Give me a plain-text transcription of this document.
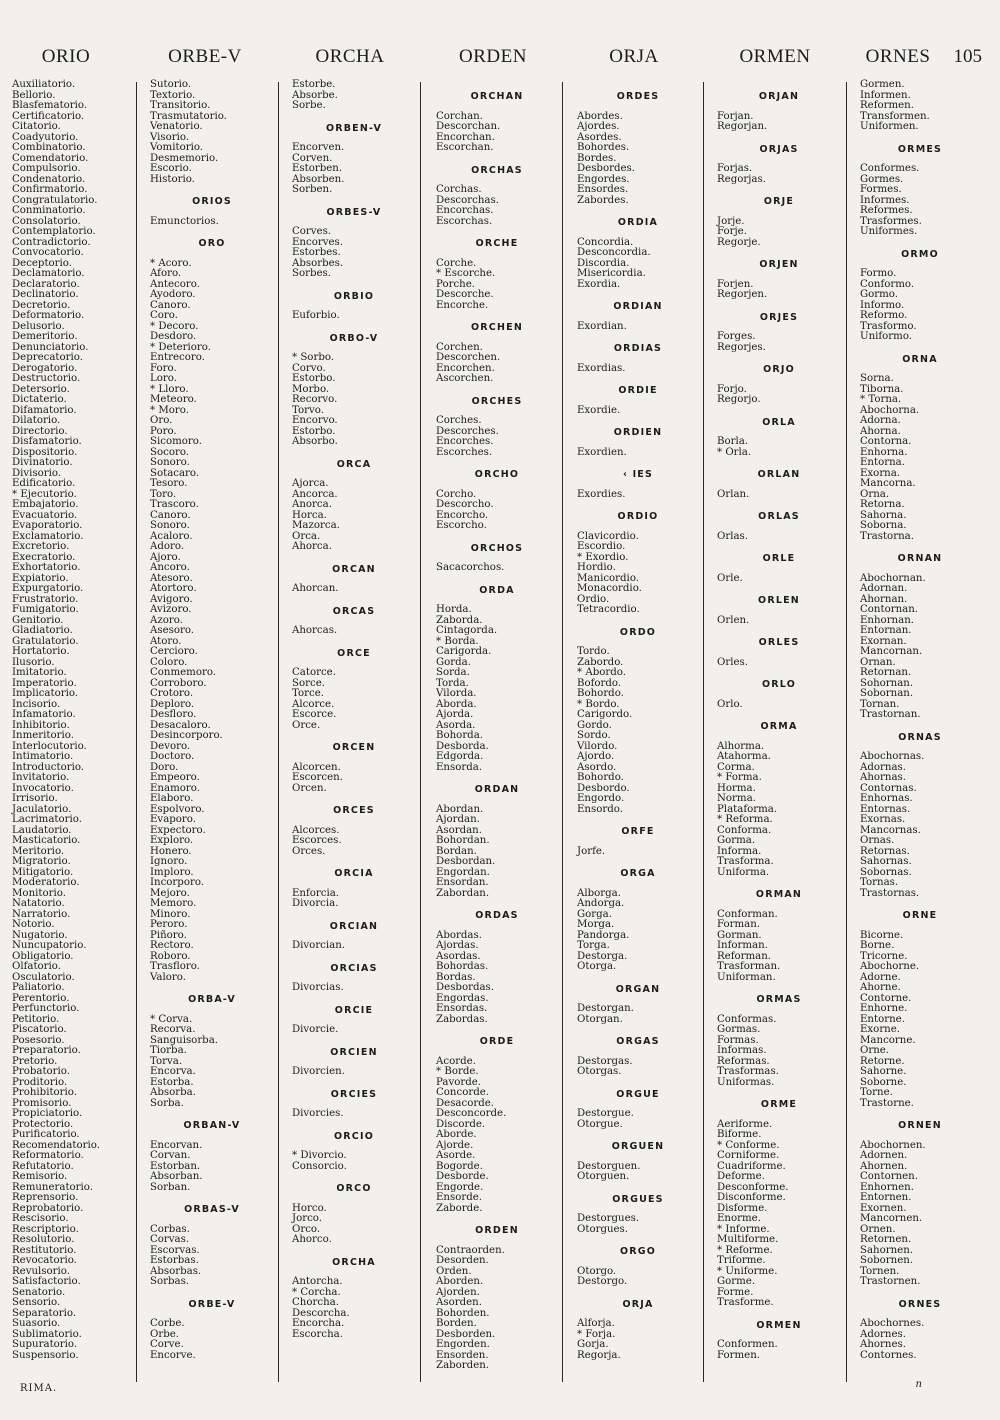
ORIO	ORBE-V	ORCHA	ORDEN	ORJA	ORMEN	ORNES	105
Auxiliatorio.
Bellorio.
Blasfematorio.
Certificatorio.
Citatorio.
Coadyutorio.
Combinatorio.
Comendatorio.
Compulsorio.
Condenatorio.
Confirmatorio.
Congratulatorio.
Conminatorio.
Consolatorio.
Contemplatorio.
Contradictorio.
Convocatorio.
Deceptorio.
Declamatorio.
Declaratorio.
Declinatorio.
Decretorio.
Deformatorio.
Delusorio.
Demeritorio.
Denunciatorio.
Deprecatorio.
Derogatorio.
Destructorio.
Detersorio.
Dictaterio.
Difamatorio.
Dilatorio.
Directorio.
Disfamatorio.
Dispositorio.
Divinatorio.
Divisorio.
Edificatorio.
* Ejecutorio.
Embajatorio.
Evacuatorio.
Evaporatorio.
Exclamatorio.
Excretorio.
Execratorio.
Exhortatorio.
Expiatorio.
Expurgatorio.
Frustratorio.
Fumigatorio.
Genitorio.
Gladiatorio.
Gratulatorio.
Hortatorio.
Ilusorio.
Imitatorio.
Imperatorio.
Implicatorio.
Incisorio.
Infamatorio.
Inhibitorio.
Inmeritorio.
Interlocutorio.
Intimatorio.
Introductorio.
Invitatorio.
Invocatorio.
Irrisorio.
Jaculatorio.
Lacrimatorio.
Laudatorio.
Masticatorio.
Meritorio.
Migratorio.
Mitigatorio.
Moderatorio.
Monitorio.
Natatorio.
Narratorio.
Notorio.
Nugatorio.
Nuncupatorio.
Obligatorio.
Olfatorio.
Osculatorio.
Paliatorio.
Perentorio.
Perfunctorio.
Petitorio.
Piscatorio.
Posesorio.
Preparatorio.
Pretorio.
Probatorio.
Proditorio.
Prohibitorio.
Promisorio.
Propiciatorio.
Protectorio.
Purificatorio.
Recomendatorio.
Reformatorio.
Refutatorio.
Remisorio.
Remuneratorio.
Reprensorio.
Reprobatorio.
Rescisorio.
Rescriptorio.
Resolutorio.
Restitutorio.
Revocatorio.
Revulsorio.
Satisfactorio.
Senatorio.
Sensorio.
Separatorio.
Suasorio.
Sublimatorio.
Supuratorio.
Suspensorio.
Sutorio.
Textorio.
Transitorio.
Trasmutatorio.
Venatorio.
Visorio.
Vomitorio.
Desmemorio.
Escorio.
Historio.
ORIOS
Emunctorios.
ORO
* Acoro.
Aforo.
Antecoro.
Ayodoro.
Canoro.
Coro.
* Decoro.
Desdoro.
* Deterioro.
Entrecoro.
Foro.
Loro.
* Lloro.
Meteoro.
* Moro.
Oro.
Poro.
Sicomoro.
Socoro.
Sonoro.
Sotacaro.
Tesoro.
Toro.
Trascoro.
Canoro.
Sonoro.
Acaloro.
Adoro.
Ajoro.
Ancoro.
Atesoro.
Atortoro.
Avigoro.
Avizoro.
Azoro.
Asesoro.
Atoro.
Cercioro.
Coloro.
Conmemoro.
Corroboro.
Crotoro.
Deploro.
Desfloro.
Desacaloro.
Desincorporo.
Devoro.
Doctoro.
Doro.
Empeoro.
Enamoro.
Elaboro.
Espolvoro.
Evaporo.
Expectoro.
Exploro.
Honero.
Ignoro.
Imploro.
Incorporo.
Mejoro.
Memoro.
Minoro.
Peroro.
Piñoro.
Rectoro.
Roboro.
Trasfloro.
Valoro.
ORBA-V
* Corva.
Recorva.
Sanguisorba.
Tiorba.
Torva.
Encorva.
Estorba.
Absorba.
Sorba.
ORBAN-V
Encorvan.
Corvan.
Estorban.
Absorban.
Sorban.
ORBAS-V
Corbas.
Corvas.
Escorvas.
Estorbas.
Absorbas.
Sorbas.
ORBE-V
Corbe.
Orbe.
Corve.
Encorve.
Estorbe.
Absorbe.
Sorbe.
ORBEN-V
Encorven.
Corven.
Estorben.
Absorben.
Sorben.
ORBES-V
Corves.
Encorves.
Estorbes.
Absorbes.
Sorbes.
ORBIO
Euforbio.
ORBO-V
* Sorbo.
Corvo.
Estorbo.
Morbo.
Recorvo.
Torvo.
Encorvo.
Estorbo.
Absorbo.
ORCA
Ajorca.
Ancorca.
Anorca.
Horca.
Mazorca.
Orca.
Ahorca.
ORCAN
Ahorcan.
ORCAS
Ahorcas.
ORCE
Catorce.
Sorce.
Torce.
Alcorce.
Escorce.
Orce.
ORCEN
Alcorcen.
Escorcen.
Orcen.
ORCES
Alcorces.
Escorces.
Orces.
ORCIA
Enforcia.
Divorcia.
ORCIAN
Divorcian.
ORCIAS
Divorcias.
ORCIE
Divorcie.
ORCIEN
Divorcien.
ORCIES
Divorcies.
ORCIO
* Divorcio.
Consorcio.
ORCO
Horco.
Jorco.
Orco.
Ahorco.
ORCHA
Antorcha.
* Corcha.
Chorcha.
Descorcha.
Encorcha.
Escorcha.
ORCHAN
Corchan.
Descorchan.
Encorchan.
Escorchan.
ORCHAS
Corchas.
Descorchas.
Encorchas.
Escorchas.
ORCHE
Corche.
* Escorche.
Porche.
Descorche.
Encorche.
ORCHEN
Corchen.
Descorchen.
Encorchen.
Ascorchen.
ORCHES
Corches.
Descorches.
Encorches.
Escorches.
ORCHO
Corcho.
Descorcho.
Encorcho.
Escorcho.
ORCHOS
Sacacorchos.
ORDA
Horda.
Zaborda.
Cintagorda.
* Borda.
Carigorda.
Gorda.
Sorda.
Torda.
Vilorda.
Aborda.
Ajorda.
Asorda.
Bohorda.
Desborda.
Edgorda.
Ensorda.
ORDAN
Abordan.
Ajordan.
Asordan.
Bohordan.
Bordan.
Desbordan.
Engordan.
Ensordan.
Zabordan.
ORDAS
Abordas.
Ajordas.
Asordas.
Bohordas.
Bordas.
Desbordas.
Engordas.
Ensordas.
Zabordas.
ORDE
Acorde.
* Borde.
Pavorde.
Concorde.
Desacorde.
Desconcorde.
Discorde.
Aborde.
Ajorde.
Asorde.
Bogorde.
Desborde.
Engorde.
Ensorde.
Zaborde.
ORDEN
Contraorden.
Desorden.
Orden.
Aborden.
Ajorden.
Asorden.
Bohorden.
Borden.
Desborden.
Engorden.
Ensorden.
Zaborden.
ORDES
Abordes.
Ajordes.
Asordes.
Bohordes.
Bordes.
Desbordes.
Engordes.
Ensordes.
Zabordes.
ORDIA
Concordia.
Desconcordia.
Discordia.
Misericordia.
Exordia.
ORDIAN
Exordian.
ORDIAS
Exordias.
ORDIE
Exordie.
ORDIEN
Exordien.
‹ IES
Exordies.
ORDIO
Clavicordio.
Escordio.
* Exordio.
Hordio.
Manicordio.
Monacordio.
Ordio.
Tetracordio.
ORDO
Tordo.
Zabordo.
* Abordo.
Bofordo.
Bohordo.
* Bordo.
Carigordo.
Gordo.
Sordo.
Vilordo.
Ajordo.
Asordo.
Bohordo.
Desbordo.
Engordo.
Ensordo.
ORFE
Jorfe.
ORGA
Alborga.
Andorga.
Gorga.
Morga.
Pandorga.
Torga.
Destorga.
Otorga.
ORGAN
Destorgan.
Otorgan.
ORGAS
Destorgas.
Otorgas.
ORGUE
Destorgue.
Otorgue.
ORGUEN
Destorguen.
Otorguen.
ORGUES
Destorgues.
Otorgues.
ORGO
Otorgo.
Destorgo.
ORJA
Alforja.
* Forja.
Gorja.
Regorja.
ORJAN
Forjan.
Regorjan.
ORJAS
Forjas.
Regorjas.
ORJE
Jorje.
Forje.
Regorje.
ORJEN
Forjen.
Regorjen.
ORJES
Forges.
Regorjes.
ORJO
Forjo.
Regorjo.
ORLA
Borla.
* Orla.
ORLAN
Orlan.
ORLAS
Orlas.
ORLE
Orle.
ORLEN
Orlen.
ORLES
Orles.
ORLO
Orlo.
ORMA
Alhorma.
Atahorma.
Corma.
* Forma.
Horma.
Norma.
Plataforma.
* Reforma.
Conforma.
Gorma.
Informa.
Trasforma.
Uniforma.
ORMAN
Conforman.
Forman.
Gorman.
Informan.
Reforman.
Trasforman.
Uniforman.
ORMAS
Conformas.
Gormas.
Formas.
Informas.
Reformas.
Trasformas.
Uniformas.
ORME
Aeriforme.
Biforme.
* Conforme.
Corniforme.
Cuadriforme.
Deforme.
Desconforme.
Disconforme.
Disforme.
Enorme.
* Informe.
Multiforme.
* Reforme.
Triforme.
* Uniforme.
Gorme.
Forme.
Trasforme.
ORMEN
Conformen.
Formen.
Gormen.
Informen.
Reformen.
Transformen.
Uniformen.
ORMES
Conformes.
Gormes.
Formes.
Informes.
Reformes.
Trasformes.
Uniformes.
ORMO
Formo.
Conformo.
Gormo.
Informo.
Reformo.
Trasformo.
Uniformo.
ORNA
Sorna.
Tiborna.
* Torna.
Abochorna.
Adorna.
Ahorna.
Contorna.
Enhorna.
Entorna.
Exorna.
Mancorna.
Orna.
Retorna.
Sahorna.
Soborna.
Trastorna.
ORNAN
Abochornan.
Adornan.
Ahornan.
Contornan.
Enhornan.
Entornan.
Exornan.
Mancornan.
Ornan.
Retornan.
Sohornan.
Sobornan.
Tornan.
Trastornan.
ORNAS
Abochornas.
Adornas.
Ahornas.
Contornas.
Enhornas.
Entornas.
Exornas.
Mancornas.
Ornas.
Retornas.
Sahornas.
Sobornas.
Tornas.
Trastornas.
ORNE
Bicorne.
Borne.
Tricorne.
Abochorne.
Adorne.
Ahorne.
Contorne.
Enhorne.
Entorne.
Exorne.
Mancorne.
Orne.
Retorne.
Sahorne.
Soborne.
Torne.
Trastorne.
ORNEN
Abochornen.
Adornen.
Ahornen.
Contornen.
Enhornen.
Entornen.
Exornen.
Mancornen.
Ornen.
Retornen.
Sahornen.
Sobornen.
Tornen.
Trastornen.
ORNES
Abochornes.
Adornes.
Ahornes.
Contornes.
RIMA.	n
